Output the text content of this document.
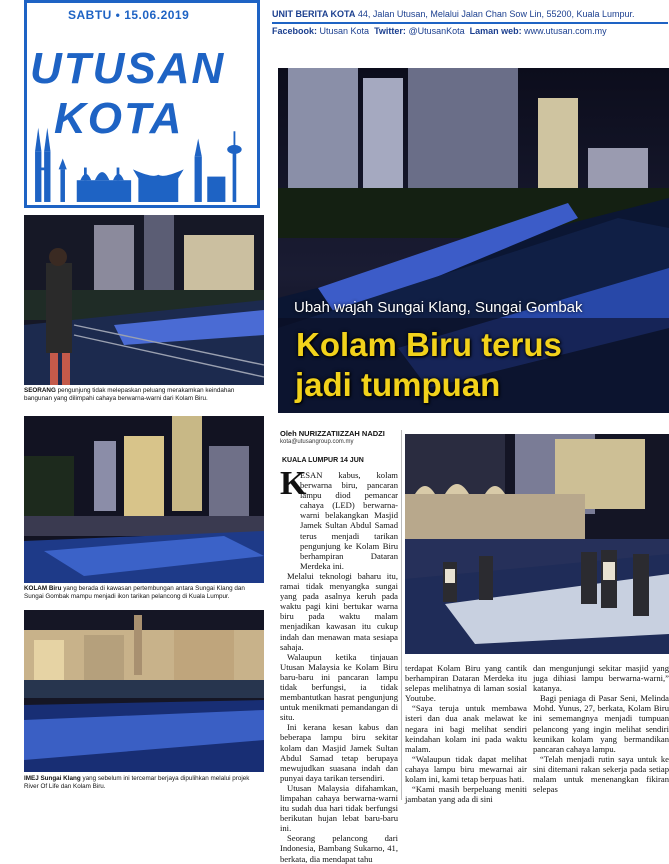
SABTU • 15.06.2019
UTUSAN
KOTA
UNIT BERITA KOTA 44, Jalan Utusan, Melalui Jalan Chan Sow Lin, 55200, Kuala Lumpur.
Facebook: Utusan Kota Twitter: @UtusanKota Laman web: www.utusan.com.my
Ubah wajah Sungai Klang, Sungai Gombak
Kolam Biru terus
jadi tumpuan
SEORANG pengunjung tidak melepaskan peluang merakamkan keindahan bangunan yang dilimpahi cahaya berwarna-warni dari Kolam Biru.
KOLAM Biru yang berada di kawasan pertembungan antara Sungai Klang dan Sungai Gombak mampu menjadi ikon tarikan pelancong di Kuala Lumpur.
IMEJ Sungai Klang yang sebelum ini tercemar berjaya dipulihkan melalui projek River Of Life dan Kolam Biru.
Oleh NURIZZATIIZZAH NADZI
kota@utusangroup.com.my
KUALA LUMPUR 14 JUN
K

ESAN kabus, kolam berwarna biru, pancaran lampu diod pemancar cahaya (LED) berwarna-warni belakangkan Masjid Jamek Sultan Abdul Samad terus menjadi tarikan pengunjung ke Kolam Biru berhampiran Dataran Merdeka ini.

Melalui teknologi baharu itu, ramai tidak menyangka sungai yang pada asalnya keruh pada waktu pagi kini bertukar warna biru pada waktu malam menjadikan kawasan itu cukup indah dan menawan mata sesiapa sahaja.

Walaupun ketika tinjauan Utusan Malaysia ke Kolam Biru baru-baru ini pancaran lampu tidak berfungsi, ia tidak membantutkan hasrat pengunjung untuk menikmati pemandangan di situ.

Ini kerana kesan kabus dan beberapa lampu biru sekitar kolam dan Masjid Jamek Sultan Abdul Samad tetap berupaya mewujudkan suasana indah dan punyai daya tarikan tersendiri.

Utusan Malaysia difahamkan, limpahan cahaya berwarna-warni itu sudah dua hari tidak berfungsi berikutan hujan lebat baru-baru ini.

Seorang pelancong dari Indonesia, Bambang Sukarno, 41, berkata, dia mendapat tahu

terdapat Kolam Biru yang cantik berhampiran Dataran Merdeka itu selepas melihatnya di laman sosial Youtube.

“Saya teruja untuk membawa isteri dan dua anak melawat ke negara ini bagi melihat sendiri keindahan kolam ini pada waktu malam.

“Walaupun tidak dapat melihat cahaya lampu biru mewarnai air kolam ini, kami tetap berpuas hati.

“Kami masih berpeluang meniti jambatan yang ada di sini

dan mengunjungi sekitar masjid yang juga dihiasi lampu berwarna-warni,” katanya.

Bagi peniaga di Pasar Seni, Melinda Mohd. Yunus, 27, berkata, Kolam Biru ini sememangnya menjadi tumpuan pelancong yang ingin melihat sendiri keunikan kolam yang bermandikan pancaran cahaya lampu.

“Telah menjadi rutin saya untuk ke sini ditemani rakan sekerja pada setiap malam untuk menenangkan fikiran selepas
